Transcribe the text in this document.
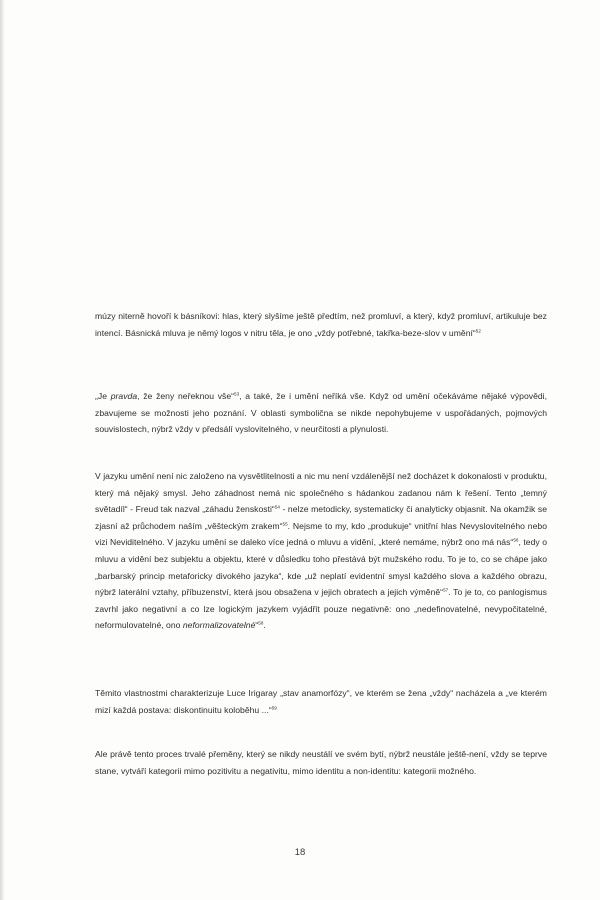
múzy niterně hovoří k básníkovi: hlas, který slyšíme ještě předtím, než promluví, a který, když promluví, artikuluje bez intencí. Básnická mluva je němý logos v nitru těla, je ono „vždy potřebné, takřka-beze-slov v umění“$^{52}$

„Je pravda, že ženy neřeknou vše“$^{53}$, a také, že i umění neříká vše. Když od umění očekáváme nějaké výpovědi, zbavujeme se možnosti jeho poznání. V oblasti symbolična se nikde nepohybujeme v uspořádaných, pojmových souvislostech, nýbrž vždy v předsálí vyslovitelného, v neurčitosti a plynulosti.

V jazyku umění není nic založeno na vysvětlitelnosti a nic mu není vzdálenější než docházet k dokonalosti v produktu, který má nějaký smysl. Jeho záhadnost nemá nic společného s hádankou zadanou nám k řešení. Tento „temný světadíl“ - Freud tak nazval „záhadu ženskosti“$^{54}$ - nelze metodicky, systematicky či analyticky objasnit. Na okamžik se zjasní až průchodem naším „věšteckým zrakem“$^{55}$. Nejsme to my, kdo „produkuje“ vnitřní hlas Nevyslovitelného nebo vizi Neviditelného. V jazyku umění se daleko více jedná o mluvu a vidění, „které nemáme, nýbrž ono má nás“$^{56}$, tedy o mluvu a vidění bez subjektu a objektu, které v důsledku toho přestává být mužského rodu. To je to, co se chápe jako „barbarský princip metaforicky divokého jazyka“, kde „už neplatí evidentní smysl každého slova a každého obrazu, nýbrž laterální vztahy, příbuzenství, která jsou obsažena v jejich obratech a jejich výměně“$^{57}$. To je to, co panlogismus zavrhl jako negativní a co lze logickým jazykem vyjádřit pouze negativně: ono „nedefinovatelné, nevypočitatelné, neformulovatelné, ono neformalizovatelné“$^{58}$.

Těmito vlastnostmi charakterizuje Luce Irigaray „stav anamorfózy“, ve kterém se žena „vždy“ nacházela a „ve kterém mizí každá postava: diskontinuitu koloběhu ...“$^{59}$

Ale právě tento proces trvalé přeměny, který se nikdy neustálí ve svém bytí, nýbrž neustále ještě-není, vždy se teprve stane, vytváří kategorii mimo pozitivitu a negativitu, mimo identitu a non-identitu: kategorii možného.

18
